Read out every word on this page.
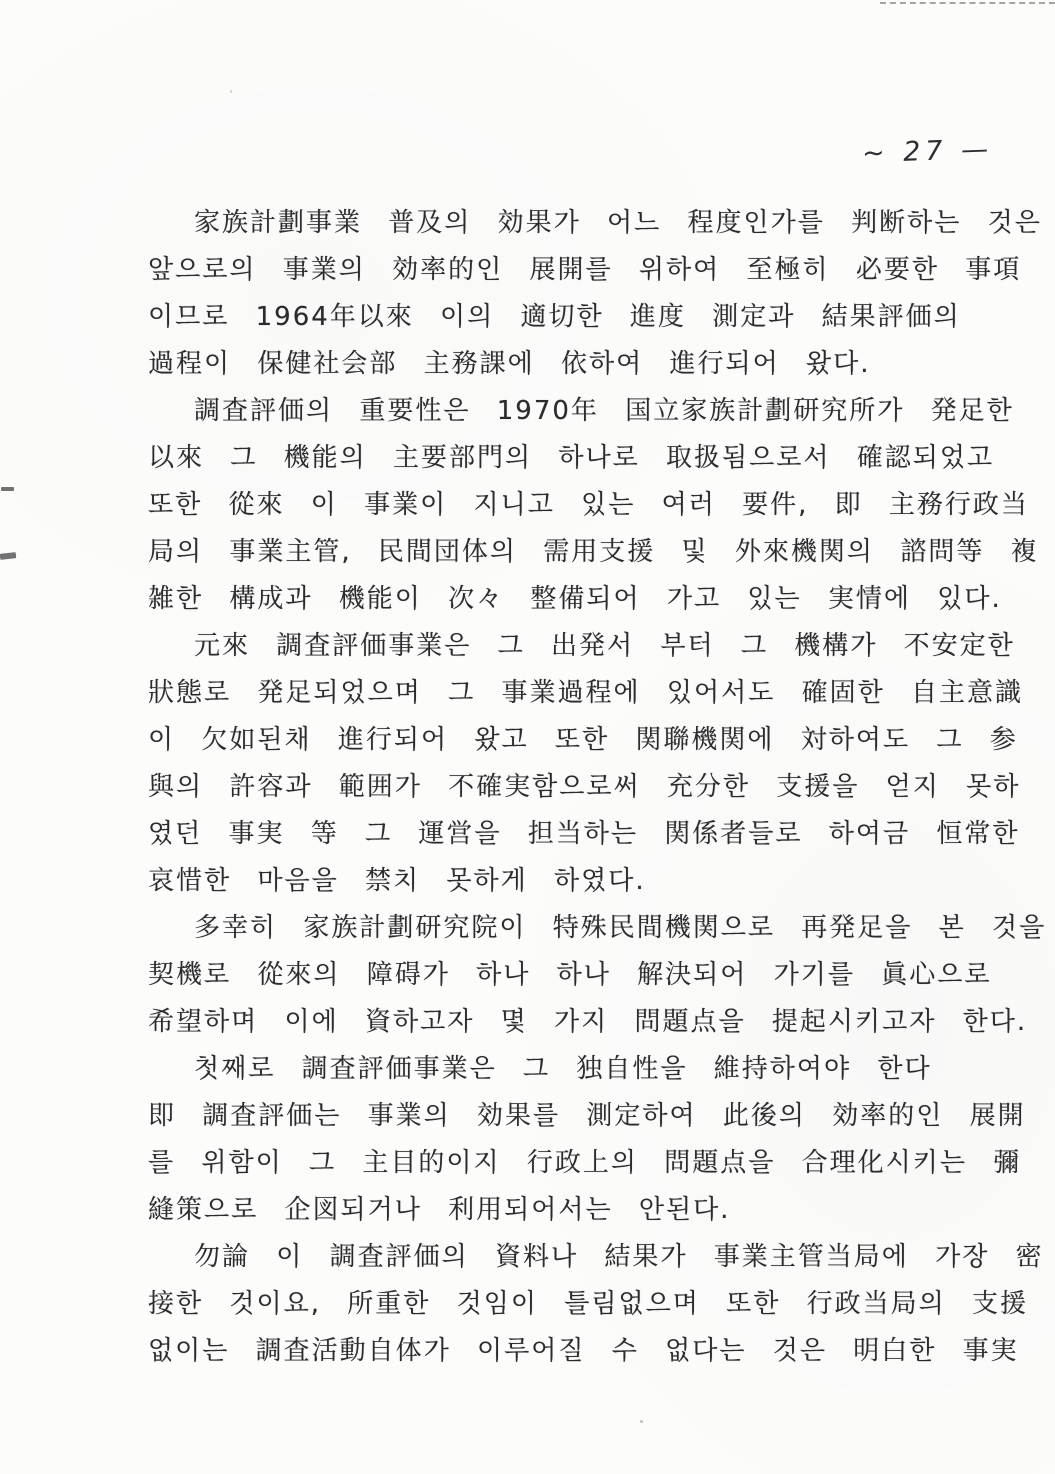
~ 27 —
家族計劃事業 普及의 効果가 어느 程度인가를 判断하는 것은
앞으로의 事業의 効率的인 展開를 위하여 至極히 必要한 事項
이므로 1964年以來 이의 適切한 進度 測定과 結果評価의
過程이 保健社会部 主務課에 依하여 進行되어 왔다.
調査評価의 重要性은 1970年 国立家族計劃研究所가 発足한
以來 그 機能의 主要部門의 하나로 取扱됨으로서 確認되었고
또한 從來 이 事業이 지니고 있는 여러 要件, 即 主務行政当
局의 事業主管, 民間団体의 需用支援 및 外來機関의 諮問等 複
雑한 構成과 機能이 次々 整備되어 가고 있는 実情에 있다.
元來 調査評価事業은 그 出発서 부터 그 機構가 不安定한
狀態로 発足되었으며 그 事業過程에 있어서도 確固한 自主意識
이 欠如된채 進行되어 왔고 또한 関聯機関에 対하여도 그 参
與의 許容과 範囲가 不確実함으로써 充分한 支援을 얻지 못하
였던 事実 等 그 運営을 担当하는 関係者들로 하여금 恒常한
哀惜한 마음을 禁치 못하게 하였다.
多幸히 家族計劃研究院이 特殊民間機関으로 再発足을 본 것을
契機로 從來의 障碍가 하나 하나 解決되어 가기를 眞心으로
希望하며 이에 資하고자 몇 가지 問題点을 提起시키고자 한다.
첫째로 調査評価事業은 그 独自性을 維持하여야 한다
即 調査評価는 事業의 効果를 測定하여 此後의 効率的인 展開
를 위함이 그 主目的이지 行政上의 問題点을 合理化시키는 彌
縫策으로 企図되거나 利用되어서는 안된다.
勿論 이 調査評価의 資料나 結果가 事業主管当局에 가장 密
接한 것이요, 所重한 것임이 틀림없으며 또한 行政当局의 支援
없이는 調査活動自体가 이루어질 수 없다는 것은 明白한 事実
